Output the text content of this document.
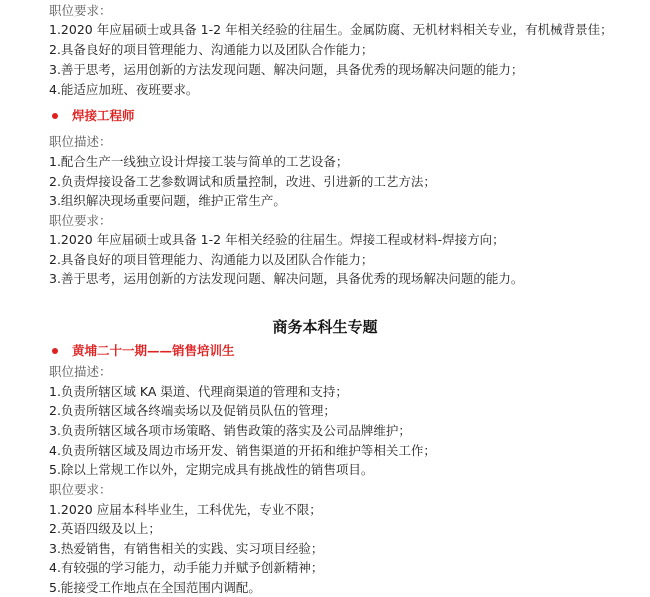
职位要求：
1.2020 年应届硕士或具备 1-2 年相关经验的往届生。金属防腐、无机材料相关专业，有机械背景佳；
2.具备良好的项目管理能力、沟通能力以及团队合作能力；
3.善于思考，运用创新的方法发现问题、解决问题，具备优秀的现场解决问题的能力；
4.能适应加班、夜班要求。
焊接工程师
职位描述：
1.配合生产一线独立设计焊接工装与简单的工艺设备；
2.负责焊接设备工艺参数调试和质量控制，改进、引进新的工艺方法；
3.组织解决现场重要问题，维护正常生产。
职位要求：
1.2020 年应届硕士或具备 1-2 年相关经验的往届生。焊接工程或材料-焊接方向；
2.具备良好的项目管理能力、沟通能力以及团队合作能力；
3.善于思考，运用创新的方法发现问题、解决问题，具备优秀的现场解决问题的能力。
商务本科生专题
黄埔二十一期——销售培训生
职位描述：
1.负责所辖区域 KA 渠道、代理商渠道的管理和支持；
2.负责所辖区域各终端卖场以及促销员队伍的管理；
3.负责所辖区域各项市场策略、销售政策的落实及公司品牌维护；
4.负责所辖区域及周边市场开发、销售渠道的开拓和维护等相关工作；
5.除以上常规工作以外，定期完成具有挑战性的销售项目。
职位要求：
1.2020 应届本科毕业生，工科优先，专业不限；
2.英语四级及以上；
3.热爱销售，有销售相关的实践、实习项目经验；
4.有较强的学习能力，动手能力并赋予创新精神；
5.能接受工作地点在全国范围内调配。
